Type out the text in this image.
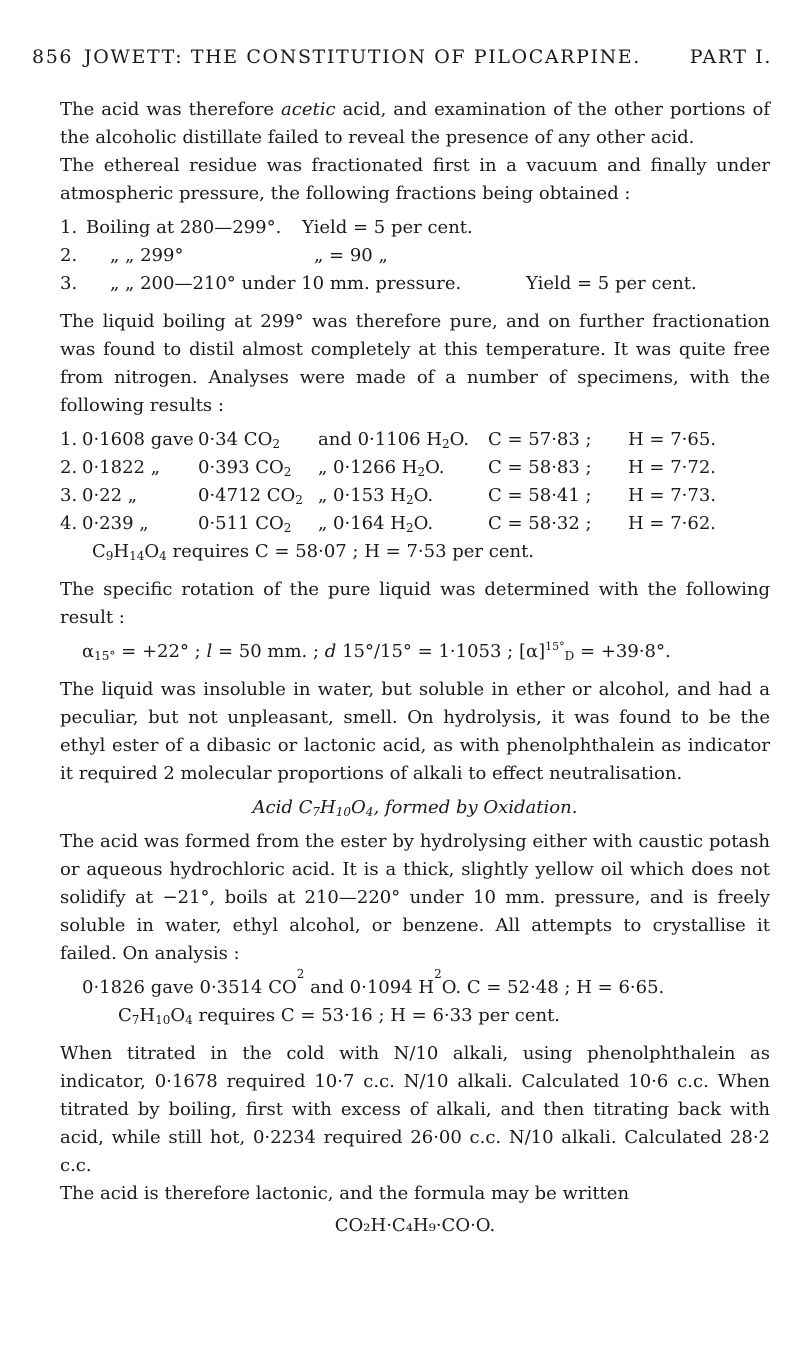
856 JOWETT: THE CONSTITUTION OF PILOCARPINE.	PART I.

The acid was therefore acetic acid, and examination of the other portions of the alcoholic distillate failed to reveal the presence of any other acid.

The ethereal residue was fractionated first in a vacuum and finally under atmospheric pressure, the following fractions being obtained :

1. Boiling at 280—299°.	Yield = 5 per cent.
2.	„ „ 299°	„ = 90 „
3.	„ „ 200—210° under 10 mm. pressure.	Yield = 5 per cent.

The liquid boiling at 299° was therefore pure, and on further fractionation was found to distil almost completely at this temperature. It was quite free from nitrogen. Analyses were made of a number of specimens, with the following results :

1. 0·1608 gave 0·34 $CO_2$	and 0·1106 $H_2O$.	C = 57·83 ;	H = 7·65.
2. 0·1822 „	0·393 $CO_2$	„ 0·1266 $H_2O$.	C = 58·83 ;	H = 7·72.
3. 0·22 „	0·4712 $CO_2$ „ 0·153 $H_2O$.	C = 58·41 ;	H = 7·73.
4. 0·239 „	0·511 $CO_2$	„ 0·164 $H_2O$.	C = 58·32 ;	H = 7·62.
$C_9H_{14}O_4$
requires C = 58·07 ; H = 7·53 per cent.

The specific rotation of the pure liquid was determined with the following result :

$\alpha_{15^\circ}$
= +22° ;
l
= 50 mm. ;
d
15°/15° = 1·1053 ;
$[\alpha]^{15^\circ}_D$
= +39·8°.

The liquid was insoluble in water, but soluble in ether or alcohol, and had a peculiar, but not unpleasant, smell. On hydrolysis, it was found to be the ethyl ester of a dibasic or lactonic acid, as with phenolphthalein as indicator it required 2 molecular proportions of alkali to effect neutralisation.

Acid $C_7H_{10}O_4$, formed by Oxidation.

The acid was formed from the ester by hydrolysing either with caustic potash or aqueous hydrochloric acid. It is a thick, slightly yellow oil which does not solidify at −21°, boils at 210—220° under 10 mm. pressure, and is freely soluble in water, ethyl alcohol, or benzene. All attempts to crystallise it failed. On analysis :

0·1826 gave 0·3514 CO
2

and 0·1094 H
2
O. C = 52·48 ; H = 6·65.
$C_7H_{10}O_4$
requires C = 53·16 ; H = 6·33 per cent.

When titrated in the cold with N/10 alkali, using phenolphthalein as indicator, 0·1678 required 10·7 c.c. N/10 alkali. Calculated 10·6 c.c. When titrated by boiling, first with excess of alkali, and then titrating back with acid, while still hot, 0·2234 required 26·00 c.c. N/10 alkali. Calculated 28·2 c.c.

The acid is therefore lactonic, and the formula may be written

CO₂H·C₄H₉·CO·O.
